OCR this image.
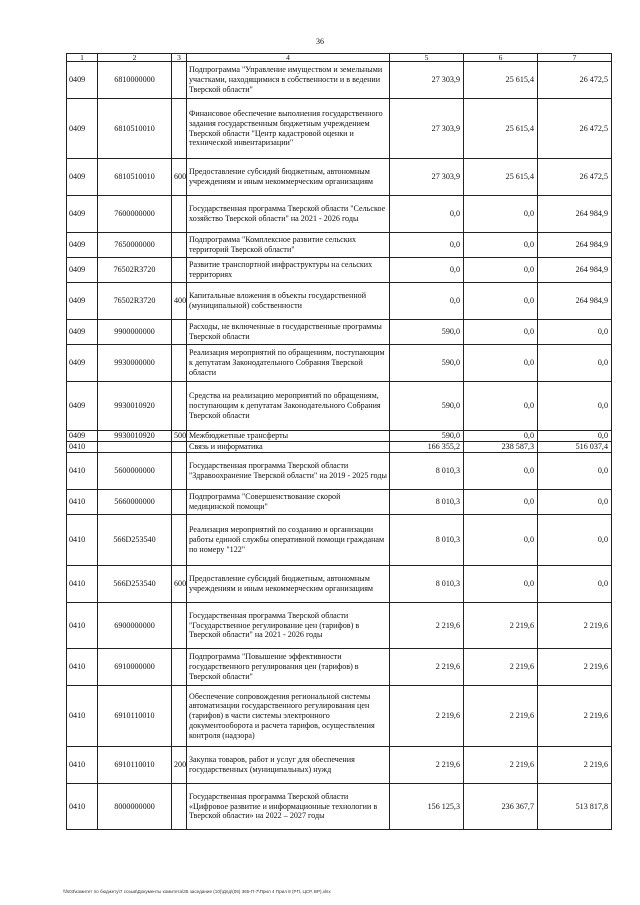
36
1	2	3	4	5	6	7
0409	6810000000		Подпрограмма "Управление имуществом и земельными участками, находящимися в собственности и в ведении Тверской области"	27 303,9	25 615,4	26 472,5
0409	6810510010		Финансовое обеспечение выполнения государственного задания государственным бюджетным учреждением Тверской области "Центр кадастровой оценки и технической инвентаризации"	27 303,9	25 615,4	26 472,5
0409	6810510010	600	Предоставление субсидий бюджетным, автономным учреждениям и иным некоммерческим организациям	27 303,9	25 615,4	26 472,5
0409	7600000000		Государственная программа Тверской области "Сельское хозяйство Тверской области" на 2021 - 2026 годы	0,0	0,0	264 984,9
0409	7650000000		Подпрограмма "Комплексное развитие сельских территорий Тверской области"	0,0	0,0	264 984,9
0409	76502R3720		Развитие транспортной инфраструктуры на сельских территориях	0,0	0,0	264 984,9
0409	76502R3720	400	Капитальные вложения в объекты государственной (муниципальной) собственности	0,0	0,0	264 984,9
0409	9900000000		Расходы, не включенные в государственные программы Тверской области	590,0	0,0	0,0
0409	9930000000		Реализация мероприятий по обращениям, поступающим к депутатам Законодательного Собрания Тверской области	590,0	0,0	0,0
0409	9930010920		Средства на реализацию мероприятий по обращениям, поступающим к депутатам Законодательного Собрания Тверской области	590,0	0,0	0,0
0409	9930010920	500	Межбюджетные трансферты	590,0	0,0	0,0
0410			Связь и информатика	166 355,2	238 587,3	516 037,4
0410	5600000000		Государственная программа Тверской области "Здравоохранение Тверской области" на 2019 - 2025 годы	8 010,3	0,0	0,0
0410	5660000000		Подпрограмма "Совершенствование скорой медицинской помощи"	8 010,3	0,0	0,0
0410	566D253540		Реализация мероприятий по созданию и организации работы единой службы оперативной помощи гражданам по номеру "122"	8 010,3	0,0	0,0
0410	566D253540	600	Предоставление субсидий бюджетным, автономным учреждениям и иным некоммерческим организациям	8 010,3	0,0	0,0
0410	6900000000		Государственная программа Тверской области "Государственное регулирование цен (тарифов) в Тверской области" на 2021 - 2026 годы	2 219,6	2 219,6	2 219,6
0410	6910000000		Подпрограмма "Повышение эффективности государственного регулирования цен (тарифов) в Тверской области"	2 219,6	2 219,6	2 219,6
0410	6910110010		Обеспечение сопровождения региональной системы автоматизации государственного регулирования цен (тарифов) в части системы электронного документооборота и расчета тарифов, осуществления контроля (надзора)	2 219,6	2 219,6	2 219,6
0410	6910110010	200	Закупка товаров, работ и услуг для обеспечения государственных (муниципальных) нужд	2 219,6	2 219,6	2 219,6
0410	8000000000		Государственная программа Тверской области «Цифровое развитие и информационные технологии в Тверской области» на 2022 – 2027 годы	156 125,3	236 367,7	513 817,8
\\fs03\комитет по бюджету\7 созыв\Документы комитета\35 заседание (10)\Дпд\(06) 365-П-7\Прил 4 Прил 8 (РП, ЦСР, ВР).xlsx
